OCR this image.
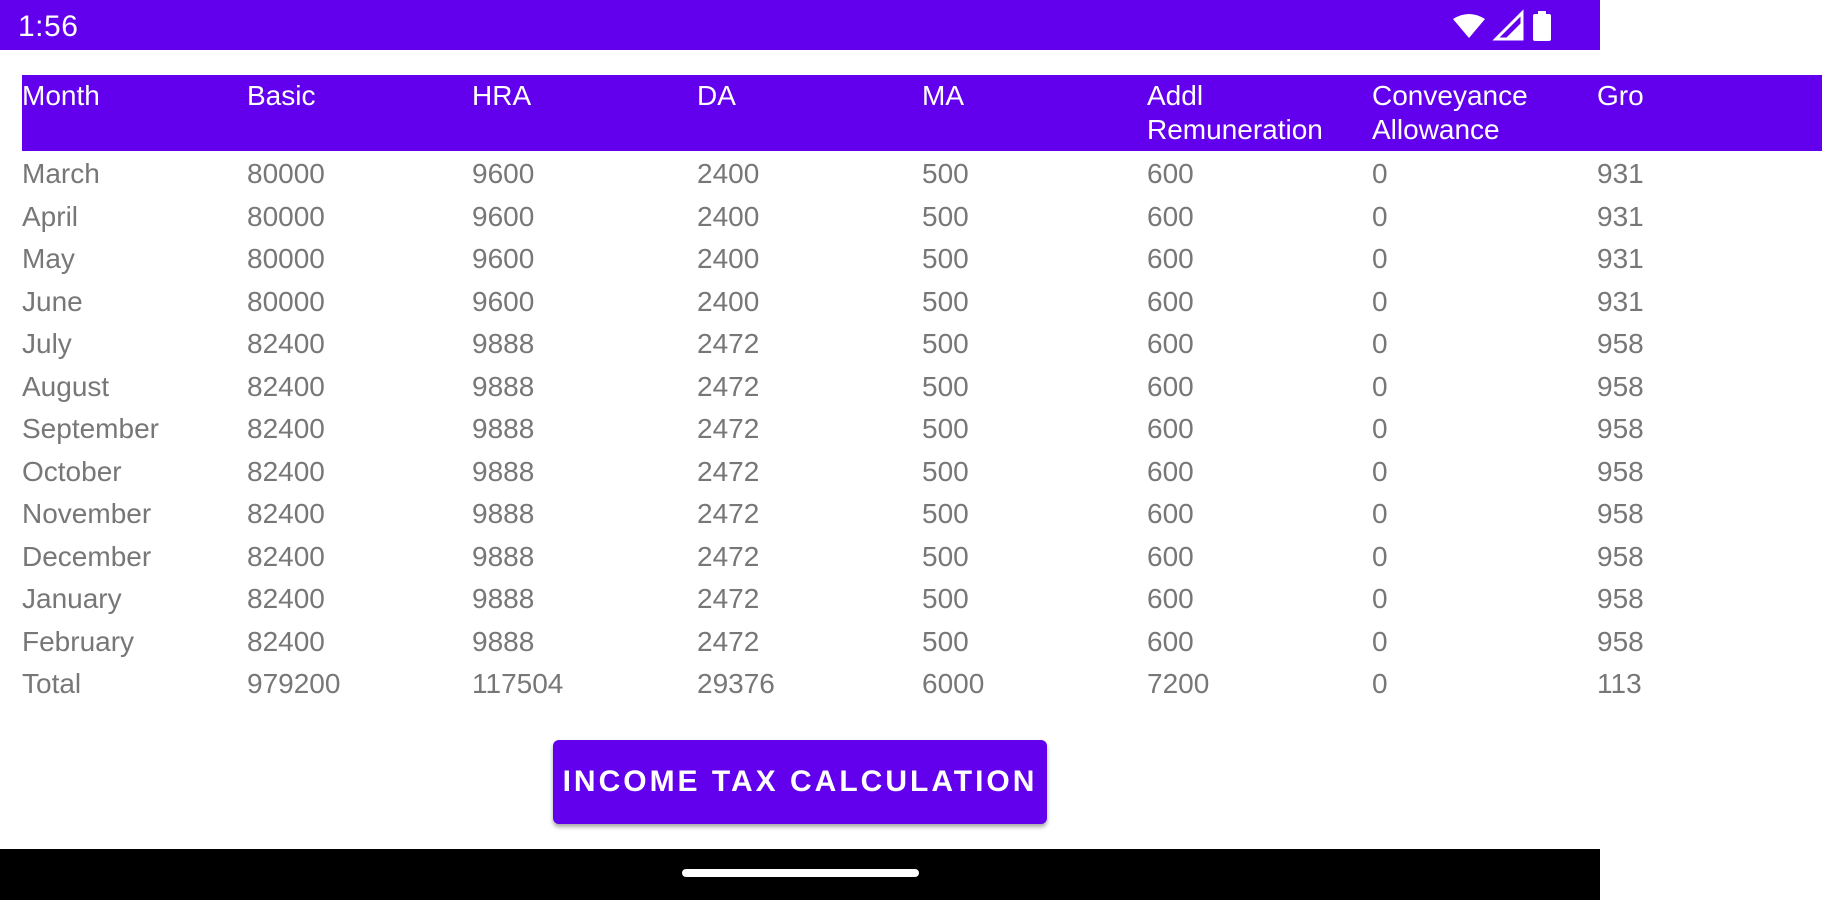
1:56
Month	Basic	HRA	DA	MA	Addl Remuneration	Conveyance Allowance	Gro

March	80000	9600	2400	500	600	0	931
April	80000	9600	2400	500	600	0	931
May	80000	9600	2400	500	600	0	931
June	80000	9600	2400	500	600	0	931
July	82400	9888	2472	500	600	0	958
August	82400	9888	2472	500	600	0	958
September	82400	9888	2472	500	600	0	958
October	82400	9888	2472	500	600	0	958
November	82400	9888	2472	500	600	0	958
December	82400	9888	2472	500	600	0	958
January	82400	9888	2472	500	600	0	958
February	82400	9888	2472	500	600	0	958
Total	979200	117504	29376	6000	7200	0	113
INCOME TAX CALCULATION
